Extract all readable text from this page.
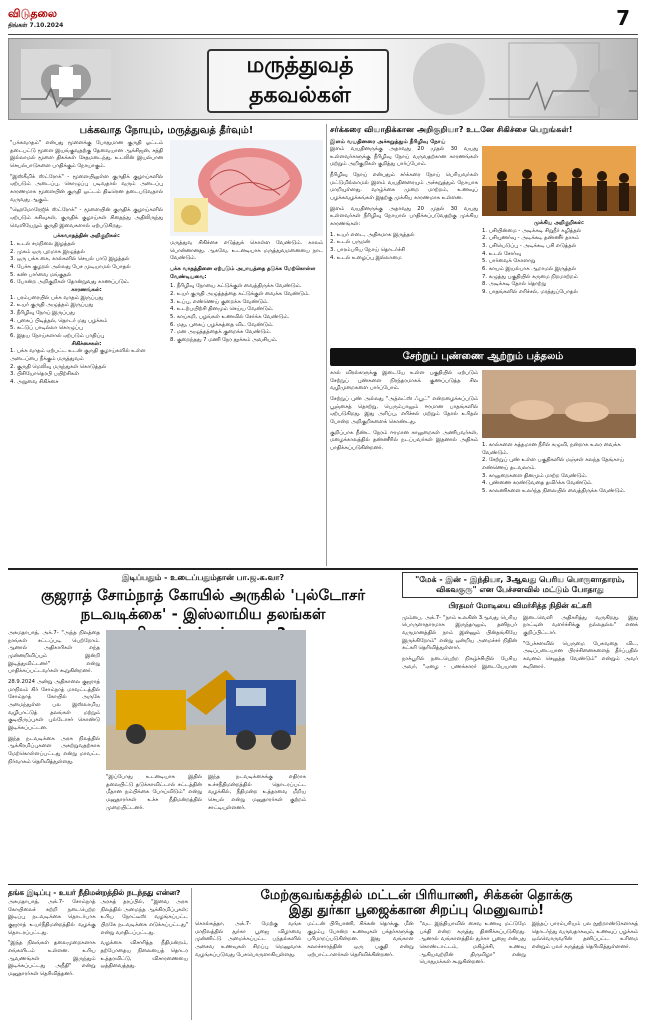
விடுதலை
திங்கள் 7.10.2024	7
மருத்துவத் தகவல்கள்
பக்கவாத நோயும், மருத்துவத் தீர்வும்!

"பக்கவாதம்" என்பது மூளைக்கு போதுமான குருதி ஓட்டம் தடைபட்டு மூளை இயங்குவதற்கு தேவையான ஆக்சிஜன், சத்தி இல்லாமல் மூளை திசுக்கள் சேதமடைந்து, உடலின் இயல்பான செயல்பாடுகளை பாதிக்கும் நோயாகும்.

"இஸ்கீமிக் ஸ்ட்ரோக்" - மூளையிலுள்ள குருதிக் குழாய்களில் ஏற்படும் அடைப்பு, கொழுப்பு படிவதால் வரும் அடைப்பு காரணமாக மூளையின் குருதி ஓட்டம் திடீரென தடைபடுவதால் வருவது ஆகும்.

"ஹெமோரேஜிக் ஸ்ட்ரோக்" - மூளையின் குருதிக் குழாய்களில் ஏற்படும் கசிவுகள், குருதிக் குழாய்கள் சிதைந்து அதிலிருந்து வெளியேறும் குருதி இவைகளால் ஏற்படுகிறது.

பக்கவாதத்தின் அறிகுறிகள்:
1. உடல் சமநிலை இழத்தல்
2. முகம் ஒரு புறமாக இழுத்தல்
3. ஒரு பக்க கை, கால்களில் செயல் பாடு இழத்தல்
4. பேச்சு குழறல் அல்லது பேச முடியாமல் போதல்
5. கண் பார்வை மங்குதல்
6. போன்ற அறிகுறிகள் தோன்றுவது காணப்படும்.
காரணங்கள்:
1. பரம்பரையில் பக்க வாதம் இருப்பது
2. உயர் குருதி அழுத்தம் இருப்பது
3. நீரிழிவு நோய் இருப்பது
4. புகைப் பிடித்தல், தொடர் மது பழக்கம்
5. கட்டுப் பாடில்லா கொழுப்பு
6. இதய நோய்களால் ஏற்படும் பாதிப்பு
சிகிச்சைகள்:
1. பக்க வாதம் ஏற்பட்ட உடன் குருதி குழாய்களில் உள்ள அடைப்பை நீக்கும் மருத்துவம்
2. குருதி மெலிவு மருந்துகள் கொடுத்தல்
3. பிசியோதெரபி பயிற்சிகள்
4. அறுவை சிகிச்சை

மருத்துவ சிகிச்சை எடுத்துக் கொள்ள வேண்டும். காலம் பொன்னானது. ஆகவே, உடனடியாக மருத்துவமனையை நாட வேண்டும்.

பக்க வாதத்தினை ஏற்படும் அபாயத்தை தடுக்க மேற்கொள்ள வேண்டியவை:
1. நீரிழிவு நோயை கட்டுக்குள் வைத்திருக்க வேண்டும்.
2. உயர் குருதி அழுத்தத்தை கட்டுக்குள் வைக்க வேண்டும்.
3. உப்பு, எண்ணெய் குறைக்க வேண்டும்.
4. உடற்பயிற்சி தினமும் செய்ய வேண்டும்.
5. காய்கறி, பழங்கள் உணவில் சேர்க்க வேண்டும்.
6. மது, புகைப் பழக்கத்தை விட வேண்டும்.
7. மன அழுத்தத்தைக் குறைக்க வேண்டும்.
8. குறைந்தது 7 மணி நேர தூக்கம் அவசியம்.
சர்க்கரை வியாதிக்கான அறிகுறியா? உடனே சிகிச்சை பெறுங்கள்!
இளம் வயதினரை அச்சுறுத்தும் நீரிழிவு நோய்

இளம் வயதினருக்கு அதாவது 20 முதல் 30 வயது உள்ளவர்களுக்கு நீரிழிவு நோய் வருவதற்கான காரணங்கள் மற்றும் அறிகுறிகள் குறித்து பார்ப்போம்.

நீரிழிவு நோய் என்பதும் சர்க்கரை நோய் பெரியவர்கள் மட்டுமில்லாமல் இளம் வயதினரையும் அச்சுறுத்தும் நோயாக மாறியுள்ளது. வாழ்க்கை முறை மாற்றம், உணவுப் பழக்கவழக்கங்கள் இதற்கு முக்கிய காரணமாக உள்ளன.

இளம் வயதினருக்கு அதாவது 20 முதல் 30 வயது உள்ளவர்கள் நீரிழிவு நோயால் பாதிக்கப்படுவதற்கு முக்கிய காரணங்கள்:

1. உயர் எடை, அதிகமாக இருத்தல்
2. உடல் பருமன்
3. பாரம்பரிய நோய் தொடர்ச்சி
4. உடல் உழைப்பு இல்லாமை
முக்கிய அறிகுறிகள்:
1. பசியின்மை - அடிக்கடி சிறுநீர் கழித்தல்
2. பசியுணர்வு - அடிக்கடி தண்ணீர் தாகம்
3. பசியெடுப்பு - அடிக்கடி பசி எடுத்தல்
4. உடல் சோர்வு
5. பார்வைக் கோளாறு
6. காயம் இயல்பாக ஆறாமல் இருத்தல்
7. கழுத்து பகுதியில் கருமை நிறமாற்றம்
8. அடிக்கடி தோல் தொற்று
9. பாதங்களில் எரிச்சல், மரத்துப்போதல்
சேற்றுப் புண்ணை ஆற்றும் பத்தலம்

கால் விரல்களுக்கு இடையே உள்ள பகுதியில் ஏற்படும் சேற்றுப் புண்களை நிரந்தரமாகக் குணப்படுத்த சில வழிமுறைகளை பார்ப்போம்.

சேற்றுப் புண் அல்லது "அத்லட்ஸ் ஃபூட்" என்றழைக்கப்படும் பூஞ்சைத் தொற்று, பெரும்பாலும் ஈரமான பாதங்களில் ஏற்படுகிறது. இது அரிப்பு, எரிச்சல் மற்றும் தோல் உரிதல் போன்ற அறிகுறிகளைக் கொண்டது.

குறிப்பாக நீண்ட நேரம் ஈரமான காலுறைகள் அணிபவர்கள், மழைக்காலத்தில் தண்ணீரில் நடப்பவர்கள் இதனால் அதிகம் பாதிக்கப்படுகின்றனர்.

1. கால்களை சுத்தமான நீரில் கழுவி, நன்றாக உலர வைக்க வேண்டும்.
2. சேற்றுப் புண் உள்ள பகுதிகளில் மஞ்சள் கலந்த தேங்காய் எண்ணெய் தடவலாம்.
3. காலுறைகளை தினமும் மாற்ற வேண்டும்.
4. புண்ணை சுரண்டுவதை தவிர்க்க வேண்டும்.
5. காலணிகளை உலர்ந்த நிலையில் வைத்திருக்க வேண்டும்.
இடிப்பதும் - உடைப்பதும்தான் பா.ஜ.க.வா?
குஜராத் சோம்நாத் கோயில் அருகில் 'புல்டோசர் நடவடிக்கை' - இஸ்லாமிய தலங்கள்

அகமதாபாத், அக்.7- "அந்த நிலத்தை நாங்கள் சட்டப்படி பெற்றோம். ஆனால் அதிகாரிகள் எந்த முன்னறிவிப்பும் இன்றி இடித்துவிட்டனர்" என்று பாதிக்கப்பட்டவர்கள் கூறுகின்றனர்.

28.9.2024 அன்று அதிகாலை குஜராத் மாநிலம் கிர் சோம்நாத் மாவட்டத்தில் சோம்நாத் கோயில் அருகே அமைந்துள்ள பல இஸ்லாமிய வழிபாட்டுத் தலங்கள் மற்றும் குடியிருப்புகள் புல்டோசர் கொண்டு இடிக்கப்பட்டன.

இந்த நடவடிக்கை அரசு நிலத்தில் ஆக்கிரமிப்புகளை அகற்றுவதற்காக மேற்கொள்ளப்பட்டது என்று மாவட்ட நிர்வாகம் தெரிவித்துள்ளது.

"இப்போது உடனடியாக இதில் தலையிட்டு தடுக்காவிட்டால் சட்டத்தின் மீதான நம்பிக்கை போய்விடும்" என்று மனுதாரர்கள் உச்ச நீதிமன்றத்தில் முறையிட்டனர்.

இந்த நடவடிக்கைக்கு எதிராக உச்சநீதிமன்றத்தில் தொடரப்பட்ட வழக்கில், நீதிமன்ற உத்தரவை மீறிய செயல் என்று மனுதாரர்கள் குற்றம் சாட்டியுள்ளனர்.

"மேக் - இன் - இந்தியா, 3ஆவது பெரிய பொருளாதாரம், விகவகுரு" என பேச்சளவில் மட்டும் போதாது
பிரதமர் மோடியை விமர்சித்த நிதின் கட்கரி

மும்பை, அக்.7- "நாம் உலகின் 3ஆவது பெரிய பொருளாதாரமாக இருந்தாலும், தனிநபர் வருமானத்தில் நாம் இன்னும் பின்தங்கியே இருக்கிறோம்" என்று ஒன்றிய அமைச்சர் நிதின் கட்கரி தெரிவித்துள்ளார்.

நாக்பூரில் நடைபெற்ற நிகழ்ச்சியில் பேசிய அவர், "ஏழை - பணக்காரர் இடையேயான இடைவெளி அதிகரித்து வருகிறது. இது நாட்டின் வளர்ச்சிக்கு நல்லதல்ல" எனக் குறிப்பிட்டார்.

"பேச்சளவில் பெருமை பேசுவதை விட, அடிப்படையான பிரச்சினைகளைத் தீர்ப்பதில் கவனம் செலுத்த வேண்டும்" என்றும் அவர் கூறினார்.

தங்க இடிப்பு - உயர் நீதிமன்றத்தில் நடந்தது என்ன?

அகமதாபாத், அக்.7- சோம்நாத் கோயிலைச் சுற்றி நடைபெற்ற இடிப்பு நடவடிக்கை தொடர்பாக குஜராத் உயர்நீதிமன்றத்தில் வழக்கு தொடரப்பட்டது.

"இந்த நிலங்கள் தலைமுறைகளாக எங்களிடம் உள்ளன. உரிய ஆவணங்கள் இருந்தும் இடிக்கப்பட்டது அநீதி" என்று மனுதாரர்கள் தெரிவித்தனர்.

அரசுத் தரப்பில், "இவை அரசு நிலத்தில் அமைந்த ஆக்கிரமிப்புகள்; உரிய நோட்டீஸ் வழங்கப்பட்ட பிறகே நடவடிக்கை எடுக்கப்பட்டது" என்று வாதிடப்பட்டது.

வழக்கை விசாரித்த நீதிமன்றம், தற்போதைய நிலையைத் தொடர உத்தரவிட்டு, விசாரணையை ஒத்திவைத்தது.

மேற்குவங்கத்தில் மட்டன் பிரியாணி, சிக்கன் தொக்கு
இது துர்கா பூஜைக்கான சிறப்பு மெனுவாம்!

கொல்கத்தா, அக்.7- மேற்கு வங்க மாநிலத்தில் துர்கா பூஜை விழாவை முன்னிட்டு அமைக்கப்பட்ட பந்தல்களில் அசைவ உணவுகள் சிறப்பு மெனுவாக வழங்கப்படுவது பேசுபொருளாகியுள்ளது.

மட்டன் பிரியாணி, சிக்கன் தொக்கு, மீன் குழம்பு போன்ற உணவுகள் பக்தர்களுக்கு பரிமாறப்படுகின்றன. இது வங்காள கலாச்சாரத்தின் ஒரு பகுதி என்று ஏற்பாட்டாளர்கள் தெரிவிக்கின்றனர்.

"வட இந்தியாவில் சைவ உணவு மட்டுமே பக்தி என்ற கருத்து திணிக்கப்படுகிறது. ஆனால் வங்காளத்தில் துர்கா பூஜை என்பது கொண்டாட்டம், மகிழ்ச்சி, உணவு ஆகியவற்றின் திருவிழா" என்று பொதுமக்கள் கூறுகின்றனர்.

இந்தப் பாரம்பரியம் பல நூற்றாண்டுகளாகத் தொடர்ந்து வருவதாகவும், உணவுப் பழக்கம் ஒவ்வொருவரின் தனிப்பட்ட உரிமை என்றும் பலர் கருத்துத் தெரிவித்துள்ளனர்.
